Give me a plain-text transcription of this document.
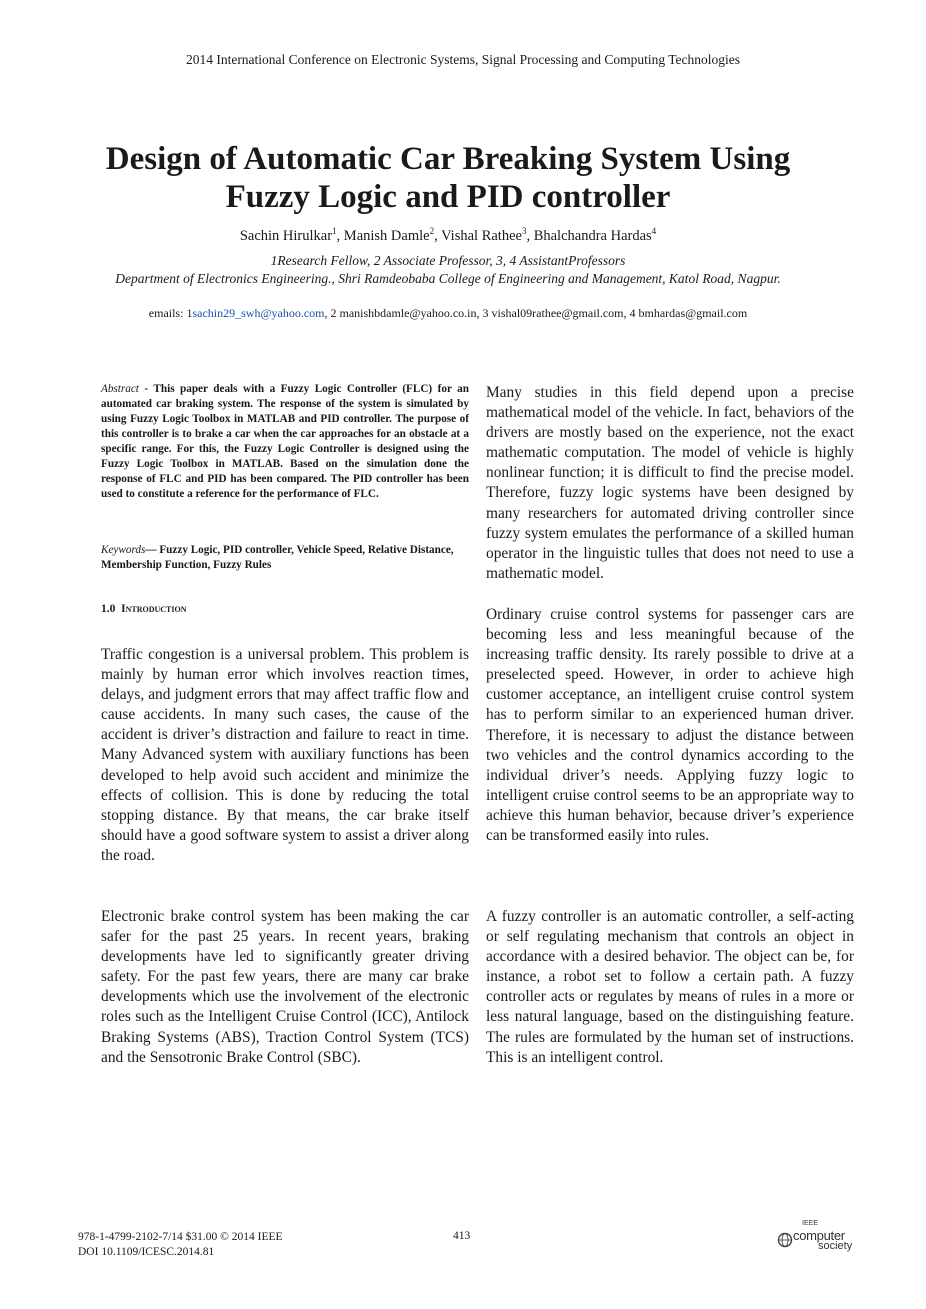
2014 International Conference on Electronic Systems, Signal Processing and Computing Technologies
Design of Automatic Car Breaking System Using
Fuzzy Logic and PID controller
Sachin Hirulkar$^1$, Manish Damle$^2$, Vishal Rathee$^3$, Bhalchandra Hardas$^4$
1Research Fellow, 2 Associate Professor, 3, 4 AssistantProfessors
Department of Electronics Engineering., Shri Ramdeobaba College of Engineering and Management, Katol Road, Nagpur.
emails: 1sachin29_swh@yahoo.com, 2 manishbdamle@yahoo.co.in, 3 vishal09rathee@gmail.com, 4 bmhardas@gmail.com
Abstract - This paper deals with a Fuzzy Logic Controller (FLC) for an automated car braking system. The response of the system is simulated by using Fuzzy Logic Toolbox in MATLAB and PID controller. The purpose of this controller is to brake a car when the car approaches for an obstacle at a specific range. For this, the Fuzzy Logic Controller is designed using the Fuzzy Logic Toolbox in MATLAB. Based on the simulation done the response of FLC and PID has been compared. The PID controller has been used to constitute a reference for the performance of FLC.
Keywords— Fuzzy Logic, PID controller, Vehicle Speed, Relative Distance, Membership Function, Fuzzy Rules
1.0 Introduction

Traffic congestion is a universal problem. This problem is mainly by human error which involves reaction times, delays, and judgment errors that may affect traffic flow and cause accidents. In many such cases, the cause of the accident is driver’s distraction and failure to react in time. Many Advanced system with auxiliary functions has been developed to help avoid such accident and minimize the effects of collision. This is done by reducing the total stopping distance. By that means, the car brake itself should have a good software system to assist a driver along the road.

Electronic brake control system has been making the car safer for the past 25 years. In recent years, braking developments have led to significantly greater driving safety. For the past few years, there are many car brake developments which use the involvement of the electronic roles such as the Intelligent Cruise Control (ICC), Antilock Braking Systems (ABS), Traction Control System (TCS) and the Sensotronic Brake Control (SBC).

Many studies in this field depend upon a precise mathematical model of the vehicle. In fact, behaviors of the drivers are mostly based on the experience, not the exact mathematic computation. The model of vehicle is highly nonlinear function; it is difficult to find the precise model. Therefore, fuzzy logic systems have been designed by many researchers for automated driving controller since fuzzy system emulates the performance of a skilled human operator in the linguistic tulles that does not need to use a mathematic model.

Ordinary cruise control systems for passenger cars are becoming less and less meaningful because of the increasing traffic density. Its rarely possible to drive at a preselected speed. However, in order to achieve high customer acceptance, an intelligent cruise control system has to perform similar to an experienced human driver. Therefore, it is necessary to adjust the distance between two vehicles and the control dynamics according to the individual driver’s needs. Applying fuzzy logic to intelligent cruise control seems to be an appropriate way to achieve this human behavior, because driver’s experience can be transformed easily into rules.

A fuzzy controller is an automatic controller, a self-acting or self regulating mechanism that controls an object in accordance with a desired behavior. The object can be, for instance, a robot set to follow a certain path. A fuzzy controller acts or regulates by means of rules in a more or less natural language, based on the distinguishing feature. The rules are formulated by the human set of instructions. This is an intelligent control.

978-1-4799-2102-7/14 $31.00 © 2014 IEEE
DOI 10.1109/ICESC.2014.81
413
IEEE
computer
society
